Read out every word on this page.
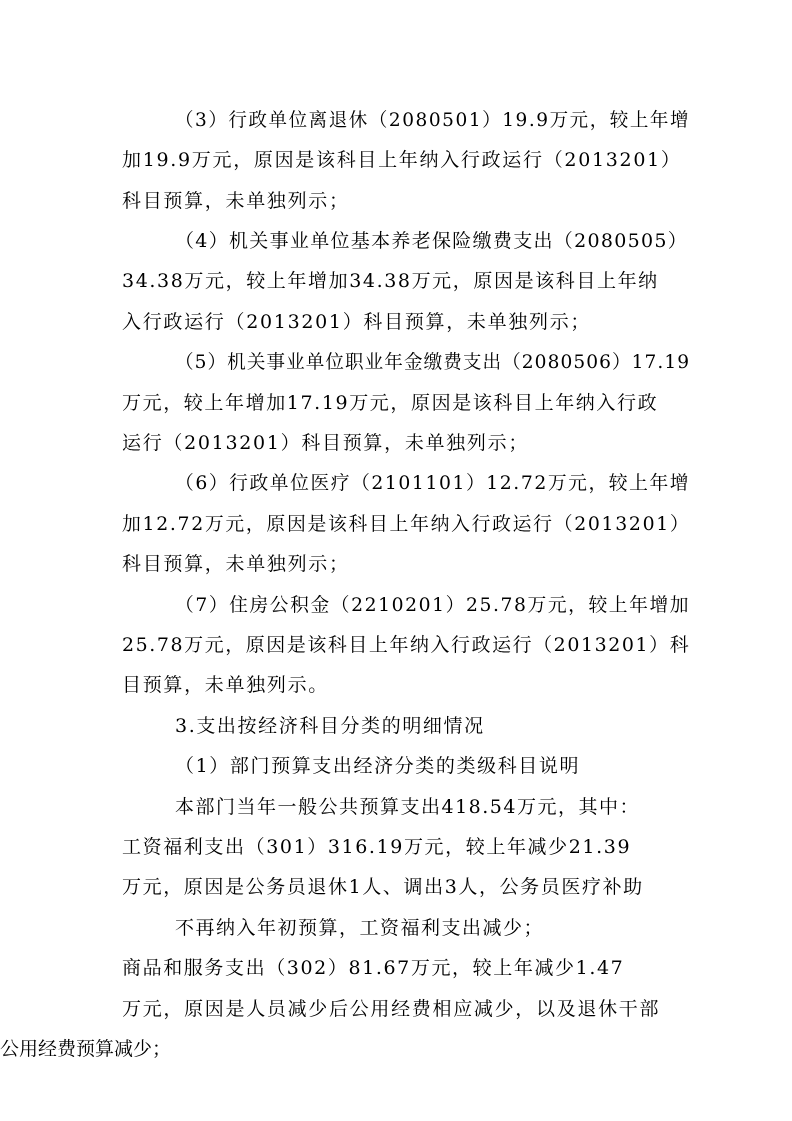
（3）行政单位离退休（2080501）19.9万元，较上年增
加19.9万元，原因是该科目上年纳入行政运行（2013201）
科目预算，未单独列示；
（4）机关事业单位基本养老保险缴费支出（2080505）
34.38万元，较上年增加34.38万元，原因是该科目上年纳
入行政运行（2013201）科目预算，未单独列示；
（5）机关事业单位职业年金缴费支出（2080506）17.19
万元，较上年增加17.19万元，原因是该科目上年纳入行政
运行（2013201）科目预算，未单独列示；
（6）行政单位医疗（2101101）12.72万元，较上年增
加12.72万元，原因是该科目上年纳入行政运行（2013201）
科目预算，未单独列示；
（7）住房公积金（2210201）25.78万元，较上年增加
25.78万元，原因是该科目上年纳入行政运行（2013201）科
目预算，未单独列示。
3.支出按经济科目分类的明细情况
（1）部门预算支出经济分类的类级科目说明
本部门当年一般公共预算支出418.54万元，其中：
工资福利支出（301）316.19万元，较上年减少21.39
万元，原因是公务员退休1人、调出3人，公务员医疗补助
不再纳入年初预算，工资福利支出减少；
商品和服务支出（302）81.67万元，较上年减少1.47
万元，原因是人员减少后公用经费相应减少，以及退休干部
公用经费预算减少；
